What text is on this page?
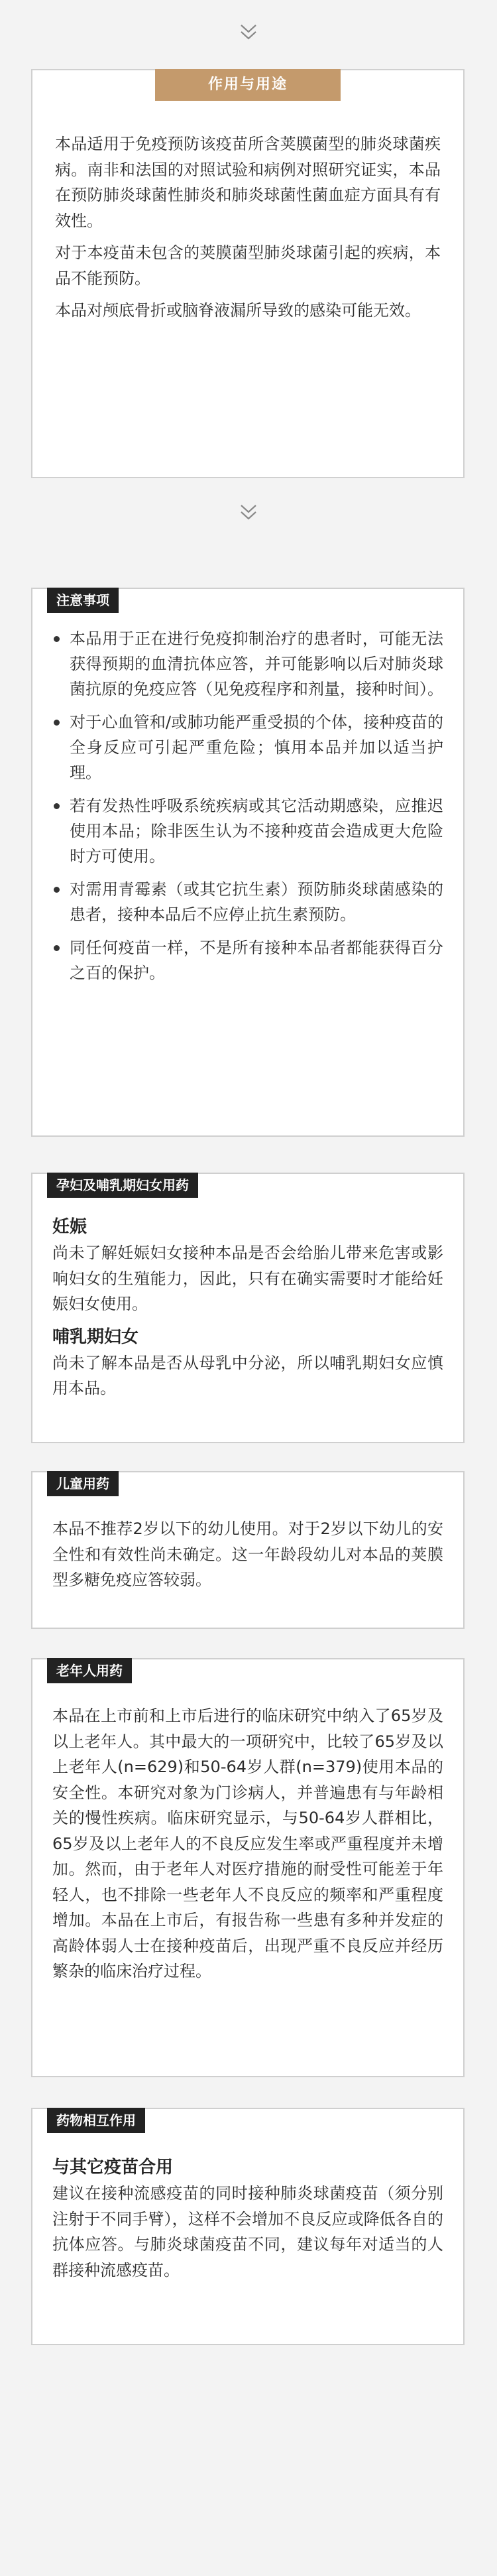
作用与用途

本品适用于免疫预防该疫苗所含荚膜菌型的肺炎球菌疾病。南非和法国的对照试验和病例对照研究证实，本品在预防肺炎球菌性肺炎和肺炎球菌性菌血症方面具有有效性。

对于本疫苗未包含的荚膜菌型肺炎球菌引起的疾病，本品不能预防。

本品对颅底骨折或脑脊液漏所导致的感染可能无效。

注意事项
本品用于正在进行免疫抑制治疗的患者时，可能无法获得预期的血清抗体应答，并可能影响以后对肺炎球菌抗原的免疫应答（见免疫程序和剂量，接种时间）。
对于心血管和/或肺功能严重受损的个体，接种疫苗的全身反应可引起严重危险；慎用本品并加以适当护理。
若有发热性呼吸系统疾病或其它活动期感染，应推迟使用本品；除非医生认为不接种疫苗会造成更大危险时方可使用。
对需用青霉素（或其它抗生素）预防肺炎球菌感染的患者，接种本品后不应停止抗生素预防。
同任何疫苗一样，不是所有接种本品者都能获得百分之百的保护。
孕妇及哺乳期妇女用药
妊娠
尚未了解妊娠妇女接种本品是否会给胎儿带来危害或影响妇女的生殖能力，因此，只有在确实需要时才能给妊娠妇女使用。
哺乳期妇女
尚未了解本品是否从母乳中分泌，所以哺乳期妇女应慎用本品。
儿童用药
本品不推荐2岁以下的幼儿使用。对于2岁以下幼儿的安全性和有效性尚未确定。这一年龄段幼儿对本品的荚膜型多糖免疫应答较弱。
老年人用药
本品在上市前和上市后进行的临床研究中纳入了65岁及以上老年人。其中最大的一项研究中，比较了65岁及以上老年人(n=629)和50-64岁人群(n=379)使用本品的安全性。本研究对象为门诊病人，并普遍患有与年龄相关的慢性疾病。临床研究显示，与50-64岁人群相比，65岁及以上老年人的不良反应发生率或严重程度并未增加。然而，由于老年人对医疗措施的耐受性可能差于年轻人，也不排除一些老年人不良反应的频率和严重程度增加。本品在上市后，有报告称一些患有多种并发症的高龄体弱人士在接种疫苗后，出现严重不良反应并经历繁杂的临床治疗过程。
药物相互作用
与其它疫苗合用
建议在接种流感疫苗的同时接种肺炎球菌疫苗（须分别注射于不同手臂），这样不会增加不良反应或降低各自的抗体应答。与肺炎球菌疫苗不同，建议每年对适当的人群接种流感疫苗。
